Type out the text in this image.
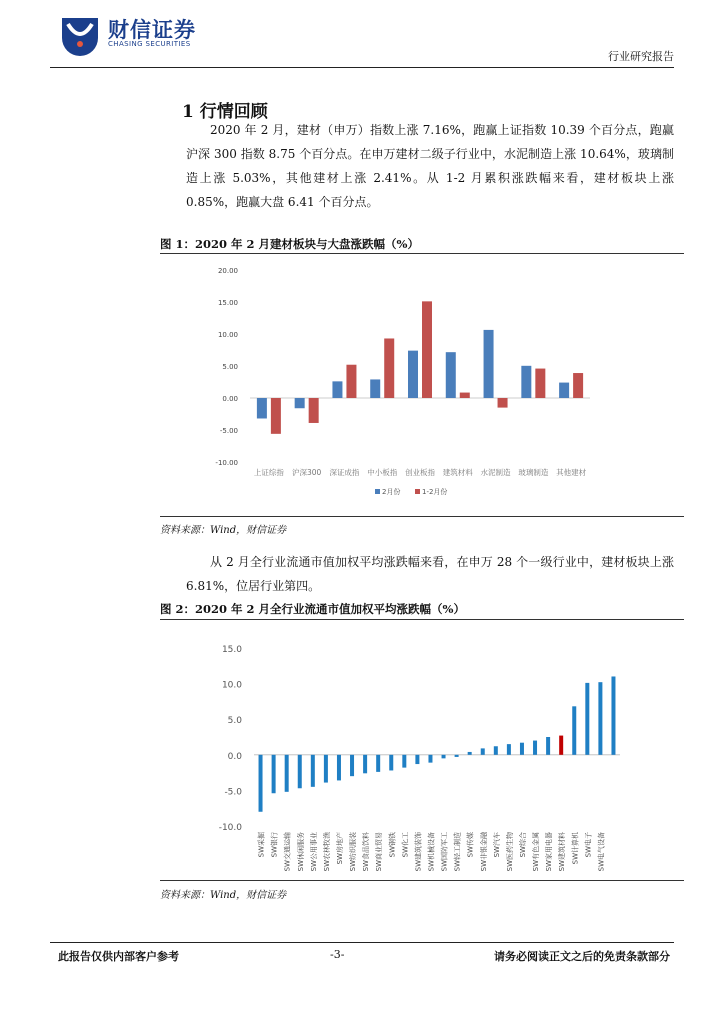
财信证券
CHASING SECURITIES
行业研究报告
1 行情回顾
2020 年 2 月，建材（申万）指数上涨 7.16%，跑赢上证指数 10.39 个百分点，跑赢沪深 300 指数 8.75 个百分点。在申万建材二级子行业中，水泥制造上涨 10.64%，玻璃制造上涨 5.03%，其他建材上涨 2.41%。从 1-2 月累积涨跌幅来看，建材板块上涨 0.85%，跑赢大盘 6.41 个百分点。
图 1：2020 年 2 月建材板块与大盘涨跌幅（%）
-10.00
-5.00
0.00
5.00
10.00
15.00
20.00
上证综指 沪深300 深证成指 中小板指 创业板指 建筑材料 水泥制造 玻璃制造 其他建材
2月份	1-2月份
资料来源：Wind，财信证券
从 2 月全行业流通市值加权平均涨跌幅来看，在申万 28 个一级行业中，建材板块上涨 6.81%，位居行业第四。
图 2：2020 年 2 月全行业流通市值加权平均涨跌幅（%）
-10.0
-5.0
0.0
5.0
10.0
15.0
SW采掘 SW银行 SW交通运输 SW休闲服务 SW公用事业 SW农林牧渔 SW房地产 SW纺织服装 SW食品饮料 SW商业贸易 SW钢铁 SW化工 SW建筑装饰 SW机械设备 SW国防军工 SW轻工制造 SW传媒 SW非银金融 SW汽车 SW医药生物 SW综合 SW有色金属 SW家用电器 SW建筑材料 SW计算机 SW电子 SW电气设备
资料来源：Wind，财信证券
此报告仅供内部客户参考	-3-	请务必阅读正文之后的免责条款部分
